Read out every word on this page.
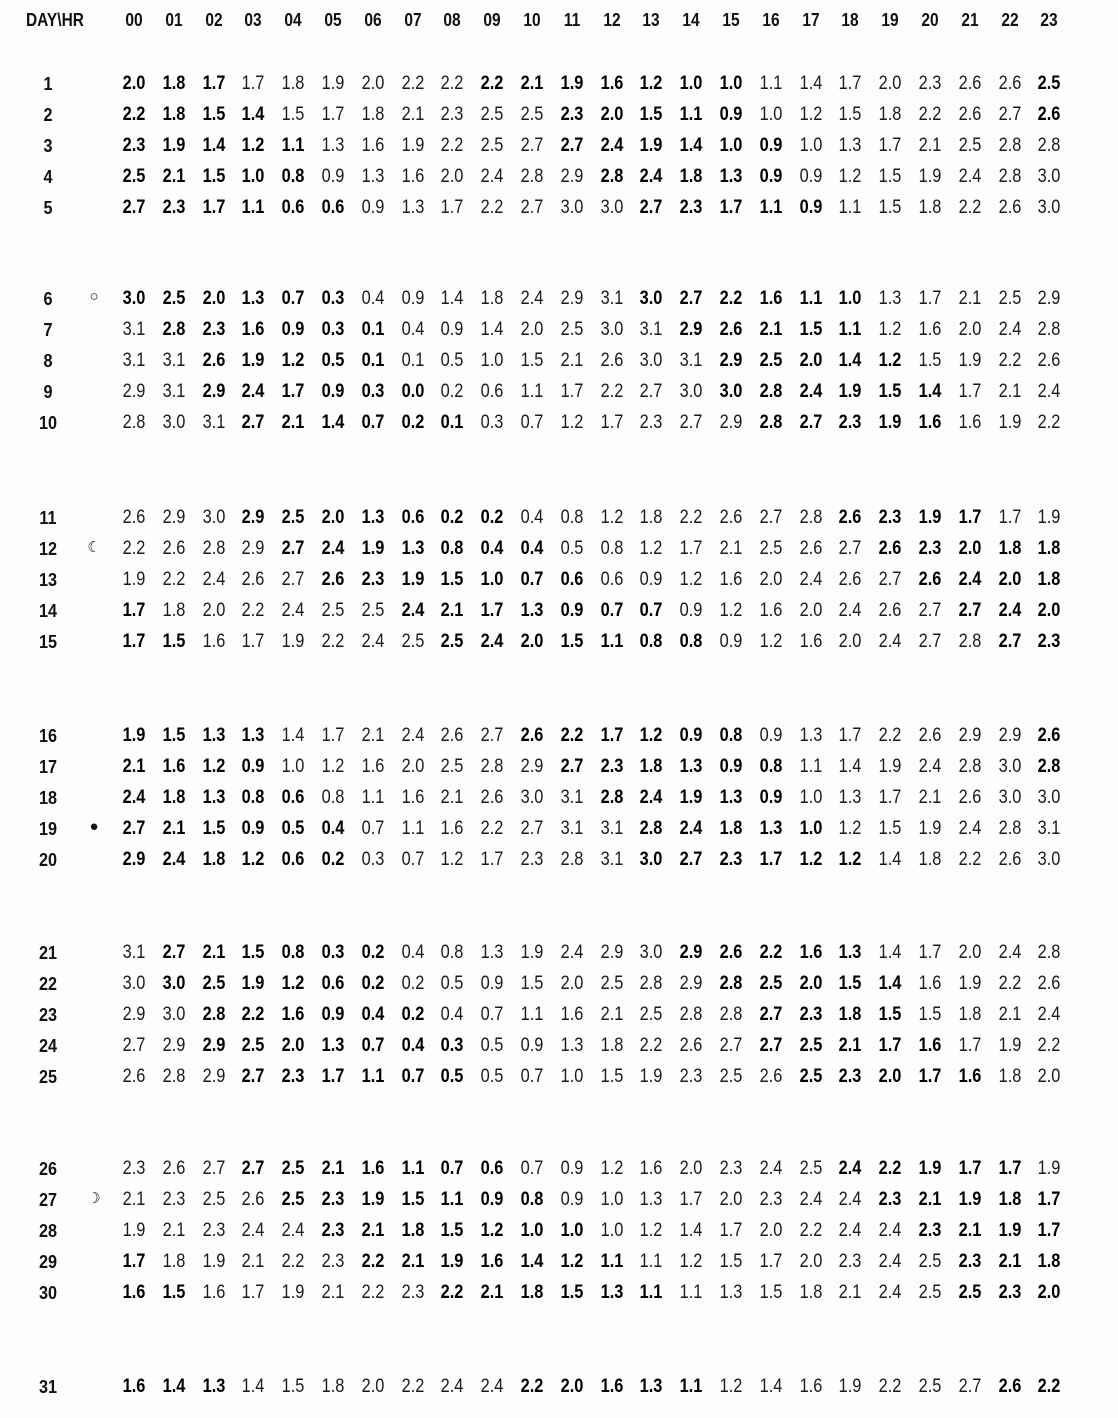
DAY\HR	00	01	02	03	04	05	06	07	08	09	10	11	12	13	14	15	16	17	18	19	20	21	22	23
1	2.0 1.8 1.7 1.7 1.8 1.9 2.0 2.2 2.2 2.2 2.1 1.9 1.6 1.2 1.0 1.0 1.1 1.4 1.7 2.0 2.3 2.6 2.6 2.5
2	2.2 1.8 1.5 1.4 1.5 1.7 1.8 2.1 2.3 2.5 2.5 2.3 2.0 1.5 1.1 0.9 1.0 1.2 1.5 1.8 2.2 2.6 2.7 2.6
3	2.3 1.9 1.4 1.2 1.1 1.3 1.6 1.9 2.2 2.5 2.7 2.7 2.4 1.9 1.4 1.0 0.9 1.0 1.3 1.7 2.1 2.5 2.8 2.8
4	2.5 2.1 1.5 1.0 0.8 0.9 1.3 1.6 2.0 2.4 2.8 2.9 2.8 2.4 1.8 1.3 0.9 0.9 1.2 1.5 1.9 2.4 2.8 3.0
5	2.7 2.3 1.7 1.1 0.6 0.6 0.9 1.3 1.7 2.2 2.7 3.0 3.0 2.7 2.3 1.7 1.1 0.9 1.1 1.5 1.8 2.2 2.6 3.0
6	○	3.0 2.5 2.0 1.3 0.7 0.3 0.4 0.9 1.4 1.8 2.4 2.9 3.1 3.0 2.7 2.2 1.6 1.1 1.0 1.3 1.7 2.1 2.5 2.9
7	3.1 2.8 2.3 1.6 0.9 0.3 0.1 0.4 0.9 1.4 2.0 2.5 3.0 3.1 2.9 2.6 2.1 1.5 1.1 1.2 1.6 2.0 2.4 2.8
8	3.1 3.1 2.6 1.9 1.2 0.5 0.1 0.1 0.5 1.0 1.5 2.1 2.6 3.0 3.1 2.9 2.5 2.0 1.4 1.2 1.5 1.9 2.2 2.6
9	2.9 3.1 2.9 2.4 1.7 0.9 0.3 0.0 0.2 0.6 1.1 1.7 2.2 2.7 3.0 3.0 2.8 2.4 1.9 1.5 1.4 1.7 2.1 2.4
10	2.8 3.0 3.1 2.7 2.1 1.4 0.7 0.2 0.1 0.3 0.7 1.2 1.7 2.3 2.7 2.9 2.8 2.7 2.3 1.9 1.6 1.6 1.9 2.2
11	2.6 2.9 3.0 2.9 2.5 2.0 1.3 0.6 0.2 0.2 0.4 0.8 1.2 1.8 2.2 2.6 2.7 2.8 2.6 2.3 1.9 1.7 1.7 1.9
12	☾	2.2 2.6 2.8 2.9 2.7 2.4 1.9 1.3 0.8 0.4 0.4 0.5 0.8 1.2 1.7 2.1 2.5 2.6 2.7 2.6 2.3 2.0 1.8 1.8
13	1.9 2.2 2.4 2.6 2.7 2.6 2.3 1.9 1.5 1.0 0.7 0.6 0.6 0.9 1.2 1.6 2.0 2.4 2.6 2.7 2.6 2.4 2.0 1.8
14	1.7 1.8 2.0 2.2 2.4 2.5 2.5 2.4 2.1 1.7 1.3 0.9 0.7 0.7 0.9 1.2 1.6 2.0 2.4 2.6 2.7 2.7 2.4 2.0
15	1.7 1.5 1.6 1.7 1.9 2.2 2.4 2.5 2.5 2.4 2.0 1.5 1.1 0.8 0.8 0.9 1.2 1.6 2.0 2.4 2.7 2.8 2.7 2.3
16	1.9 1.5 1.3 1.3 1.4 1.7 2.1 2.4 2.6 2.7 2.6 2.2 1.7 1.2 0.9 0.8 0.9 1.3 1.7 2.2 2.6 2.9 2.9 2.6
17	2.1 1.6 1.2 0.9 1.0 1.2 1.6 2.0 2.5 2.8 2.9 2.7 2.3 1.8 1.3 0.9 0.8 1.1 1.4 1.9 2.4 2.8 3.0 2.8
18	2.4 1.8 1.3 0.8 0.6 0.8 1.1 1.6 2.1 2.6 3.0 3.1 2.8 2.4 1.9 1.3 0.9 1.0 1.3 1.7 2.1 2.6 3.0 3.0
19	●	2.7 2.1 1.5 0.9 0.5 0.4 0.7 1.1 1.6 2.2 2.7 3.1 3.1 2.8 2.4 1.8 1.3 1.0 1.2 1.5 1.9 2.4 2.8 3.1
20	2.9 2.4 1.8 1.2 0.6 0.2 0.3 0.7 1.2 1.7 2.3 2.8 3.1 3.0 2.7 2.3 1.7 1.2 1.2 1.4 1.8 2.2 2.6 3.0
21	3.1 2.7 2.1 1.5 0.8 0.3 0.2 0.4 0.8 1.3 1.9 2.4 2.9 3.0 2.9 2.6 2.2 1.6 1.3 1.4 1.7 2.0 2.4 2.8
22	3.0 3.0 2.5 1.9 1.2 0.6 0.2 0.2 0.5 0.9 1.5 2.0 2.5 2.8 2.9 2.8 2.5 2.0 1.5 1.4 1.6 1.9 2.2 2.6
23	2.9 3.0 2.8 2.2 1.6 0.9 0.4 0.2 0.4 0.7 1.1 1.6 2.1 2.5 2.8 2.8 2.7 2.3 1.8 1.5 1.5 1.8 2.1 2.4
24	2.7 2.9 2.9 2.5 2.0 1.3 0.7 0.4 0.3 0.5 0.9 1.3 1.8 2.2 2.6 2.7 2.7 2.5 2.1 1.7 1.6 1.7 1.9 2.2
25	2.6 2.8 2.9 2.7 2.3 1.7 1.1 0.7 0.5 0.5 0.7 1.0 1.5 1.9 2.3 2.5 2.6 2.5 2.3 2.0 1.7 1.6 1.8 2.0
26	2.3 2.6 2.7 2.7 2.5 2.1 1.6 1.1 0.7 0.6 0.7 0.9 1.2 1.6 2.0 2.3 2.4 2.5 2.4 2.2 1.9 1.7 1.7 1.9
27	☽	2.1 2.3 2.5 2.6 2.5 2.3 1.9 1.5 1.1 0.9 0.8 0.9 1.0 1.3 1.7 2.0 2.3 2.4 2.4 2.3 2.1 1.9 1.8 1.7
28	1.9 2.1 2.3 2.4 2.4 2.3 2.1 1.8 1.5 1.2 1.0 1.0 1.0 1.2 1.4 1.7 2.0 2.2 2.4 2.4 2.3 2.1 1.9 1.7
29	1.7 1.8 1.9 2.1 2.2 2.3 2.2 2.1 1.9 1.6 1.4 1.2 1.1 1.1 1.2 1.5 1.7 2.0 2.3 2.4 2.5 2.3 2.1 1.8
30	1.6 1.5 1.6 1.7 1.9 2.1 2.2 2.3 2.2 2.1 1.8 1.5 1.3 1.1 1.1 1.3 1.5 1.8 2.1 2.4 2.5 2.5 2.3 2.0
31	1.6 1.4 1.3 1.4 1.5 1.8 2.0 2.2 2.4 2.4 2.2 2.0 1.6 1.3 1.1 1.2 1.4 1.6 1.9 2.2 2.5 2.7 2.6 2.2
